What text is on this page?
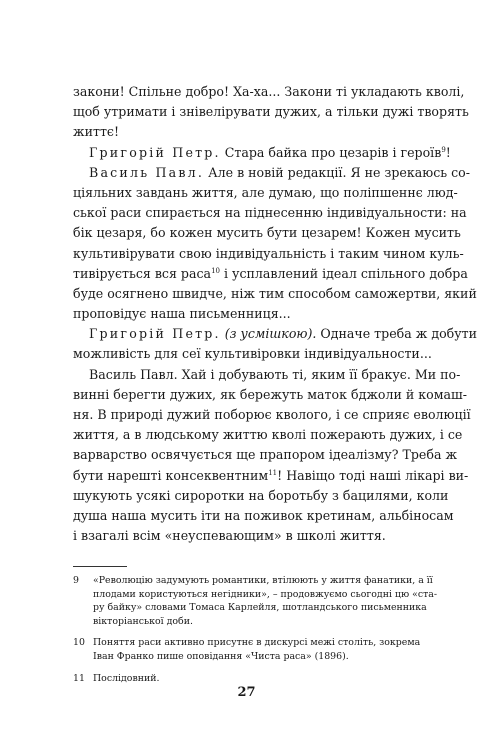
закони! Спільне добро! Ха-ха... Закони ті укладають кволі,
щоб утримати і знівелірувати дужих, а тільки дужі творять
життє!
Григорій Петр. Стара байка про цезарів і героїв$^9$!
Василь Павл. Але в новій редакції. Я не зрекаюсь со-
ціяльних завдань життя, але думаю, що поліпшеннє люд-
ської раси спирається на піднесенню індивідуальности: на
бік цезаря, бо кожен мусить бути цезарем! Кожен мусить
культивірувати свою індивідуальність і таким чином куль-
тивірується вся раса$^{10}$ і усплавлений ідеал спільного добра
буде осягнено швидче, ніж тим способом саможертви, який
проповідує наша письменниця...
Григорій Петр. (з усмішкою). Одначе треба ж добути
можливість для сеї культивіровки індивідуальности...
Василь Павл. Хай і добувають ті, яким її бракує. Ми по-
винні берегти дужих, як бережуть маток бджоли й комаш-
ня. В природі дужий поборює кволого, і се сприяє еволюції
життя, а в людському життю кволі пожерають дужих, і се
варварство освячується ще прапором ідеалізму? Треба ж
бути нарешті консеквентним$^{11}$! Навіщо тоді наші лікарі ви-
шукують усякі сироротки на боротьбу з бацилями, коли
душа наша мусить іти на поживок кретинам, альбіносам
і взагалі всім «неуспевающим» в школі життя.
9 «Революцію задумують романтики, втілюють у життя фанатики, а її
плодами користуються негідники», – продовжуємо сьогодні цю «ста-
ру байку» словами Томаса Карлейля, шотландського письменника
вікторіанської доби.
10 Поняття раси активно присутнє в дискурсі межі століть, зокрема
Іван Франко пише оповідання «Чиста раса» (1896).
11 Послідовний.
27
